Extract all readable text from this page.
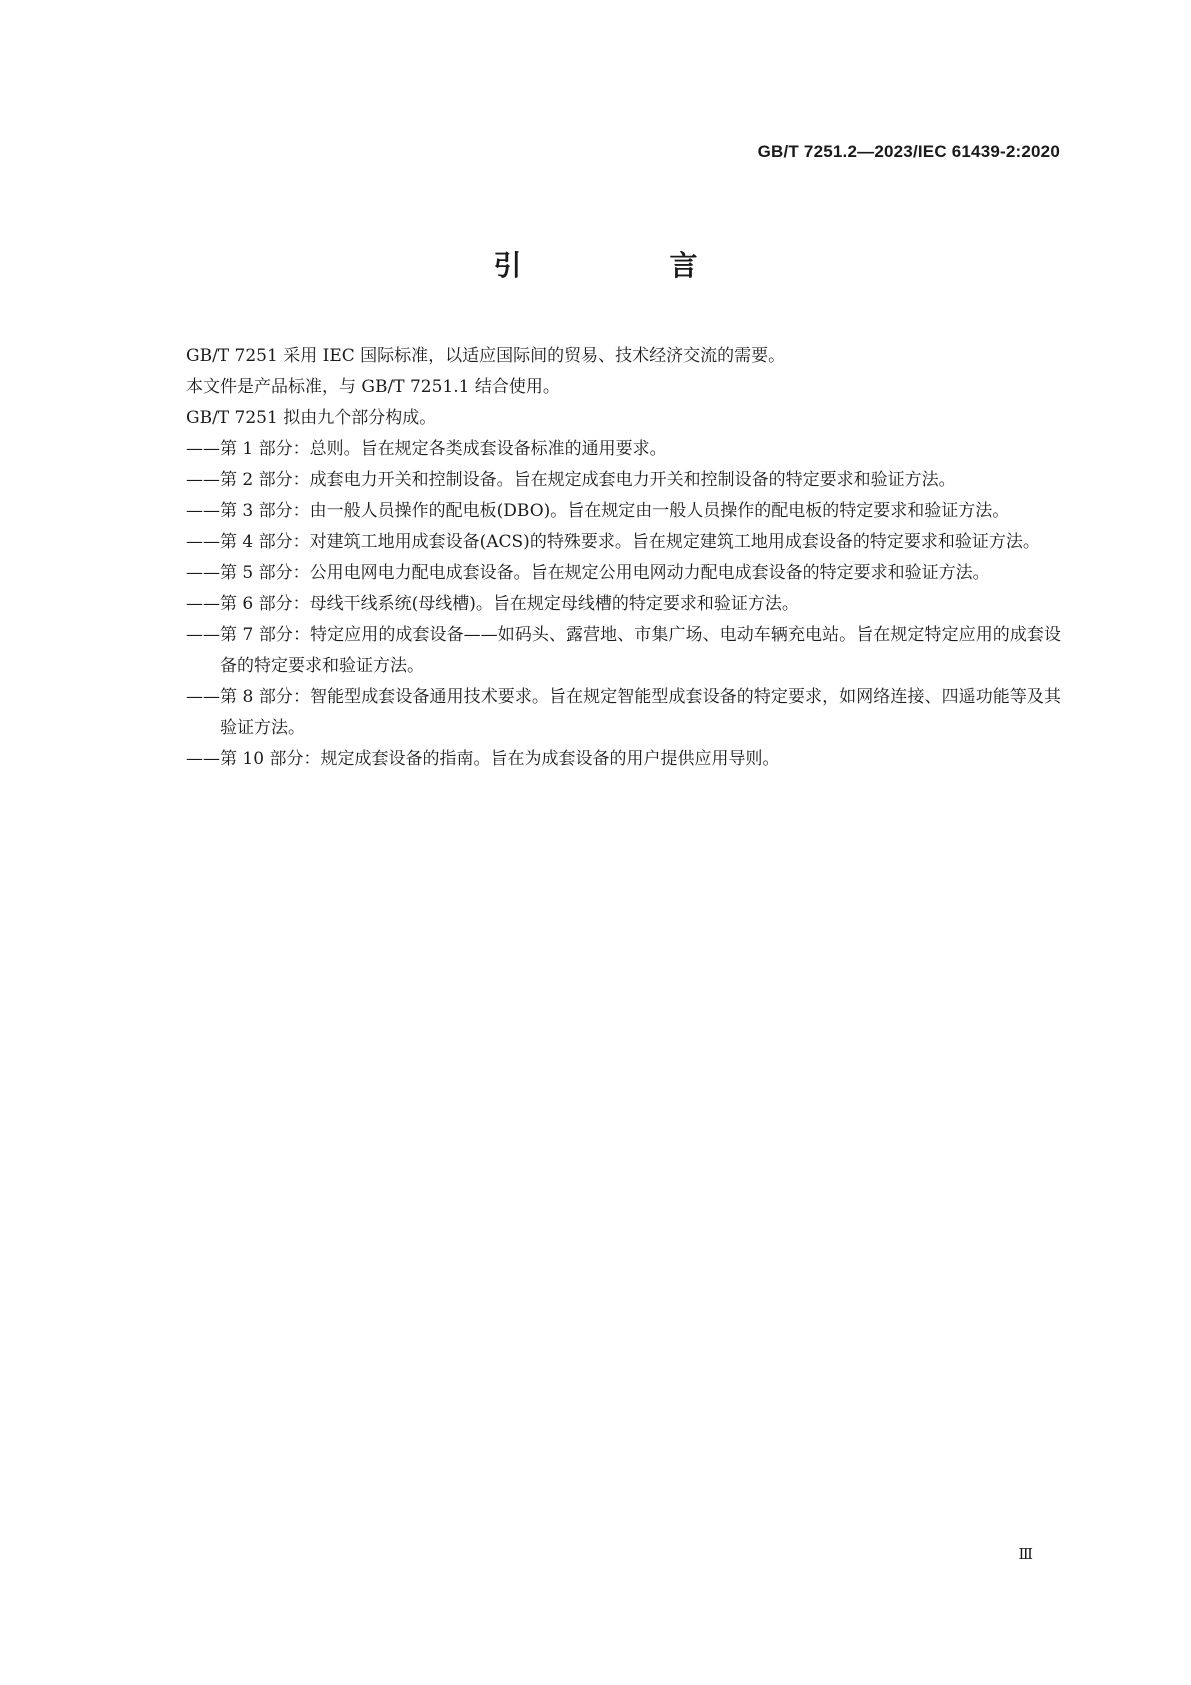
GB/T 7251.2—2023/IEC 61439-2:2020
引　言

GB/T 7251 采用 IEC 国际标准，以适应国际间的贸易、技术经济交流的需要。

本文件是产品标准，与 GB/T 7251.1 结合使用。

GB/T 7251 拟由九个部分构成。

—— 第 1 部分：总则。旨在规定各类成套设备标准的通用要求。
—— 第 2 部分：成套电力开关和控制设备。旨在规定成套电力开关和控制设备的特定要求和验证方法。
—— 第 3 部分：由一般人员操作的配电板(DBO)。旨在规定由一般人员操作的配电板的特定要求和验证方法。
—— 第 4 部分：对建筑工地用成套设备(ACS)的特殊要求。旨在规定建筑工地用成套设备的特定要求和验证方法。
—— 第 5 部分：公用电网电力配电成套设备。旨在规定公用电网动力配电成套设备的特定要求和验证方法。
—— 第 6 部分：母线干线系统(母线槽)。旨在规定母线槽的特定要求和验证方法。
—— 第 7 部分：特定应用的成套设备——如码头、露营地、市集广场、电动车辆充电站。旨在规定特定应用的成套设备的特定要求和验证方法。
—— 第 8 部分：智能型成套设备通用技术要求。旨在规定智能型成套设备的特定要求，如网络连接、四遥功能等及其验证方法。
—— 第 10 部分：规定成套设备的指南。旨在为成套设备的用户提供应用导则。
Ⅲ
